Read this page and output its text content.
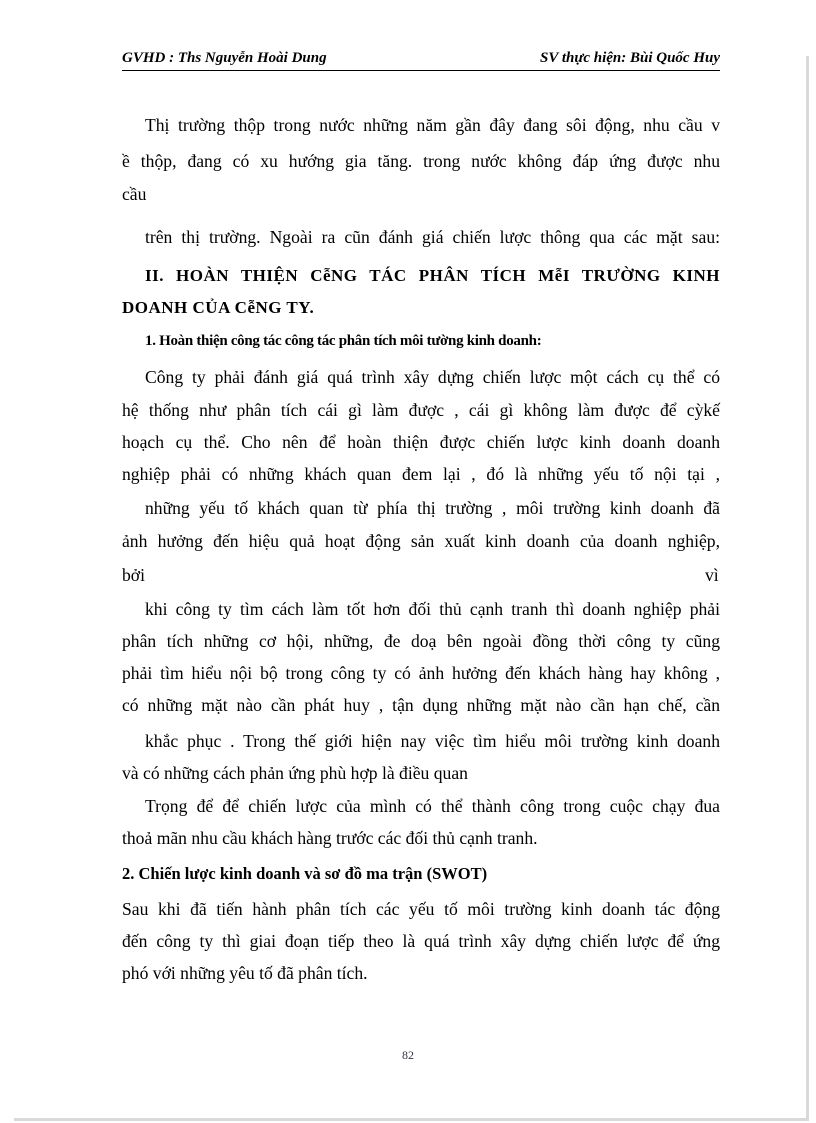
GVHD : Ths Nguyễn Hoài Dung	SV thực hiện: Bùi Quốc Huy
Thị trường thộp trong nước những năm gần đây đang sôi động, nhu cầu v
ề thộp, đang có xu hướng gia tăng. trong nước không đáp ứng được nhu
cầu
trên thị trường. Ngoài ra cũn đánh giá chiến lược thông qua các mặt sau:
II. HOÀN THIỆN CễNG TÁC PHÂN TÍCH MễI TRƯỜNG KINH
DOANH CỦA CễNG TY.
1. Hoàn thiện công tác công tác phân tích môi tường kinh doanh:
Công ty phải đánh giá quá trình xây dựng chiến lược một cách cụ thể có
hệ thống như phân tích cái gì làm được , cái gì không làm được để cỳkế
hoạch cụ thể. Cho nên để hoàn thiện được chiến lược kinh doanh doanh
nghiệp phải có những khách quan đem lại , đó là những yếu tố nội tại ,
những yếu tố khách quan từ phía thị trường , môi trường kinh doanh đã
ảnh hưởng đến hiệu quả hoạt động sản xuất kinh doanh của doanh nghiệp,
bởi	vì
khi công ty tìm cách làm tốt hơn đối thủ cạnh tranh thì doanh nghiệp phải
phân tích những cơ hội, những, đe doạ bên ngoài đồng thời công ty cũng
phải tìm hiểu nội bộ trong công ty có ảnh hưởng đến khách hàng hay không ,
có những mặt nào cần phát huy , tận dụng những mặt nào cần hạn chế, cần
khắc phục . Trong thế giới hiện nay việc tìm hiểu môi trường kinh doanh
và có những cách phản ứng phù hợp là điều quan
Trọng để để chiến lược của mình có thể thành công trong cuộc chạy đua
thoả mãn nhu cầu khách hàng trước các đối thủ cạnh tranh.
2. Chiến lược kinh doanh và sơ đồ ma trận (SWOT)
Sau khi đã tiến hành phân tích các yếu tố môi trường kinh doanh tác động
đến công ty thì giai đoạn tiếp theo là quá trình xây dựng chiến lược để ứng
phó với những yêu tố đã phân tích.
82
